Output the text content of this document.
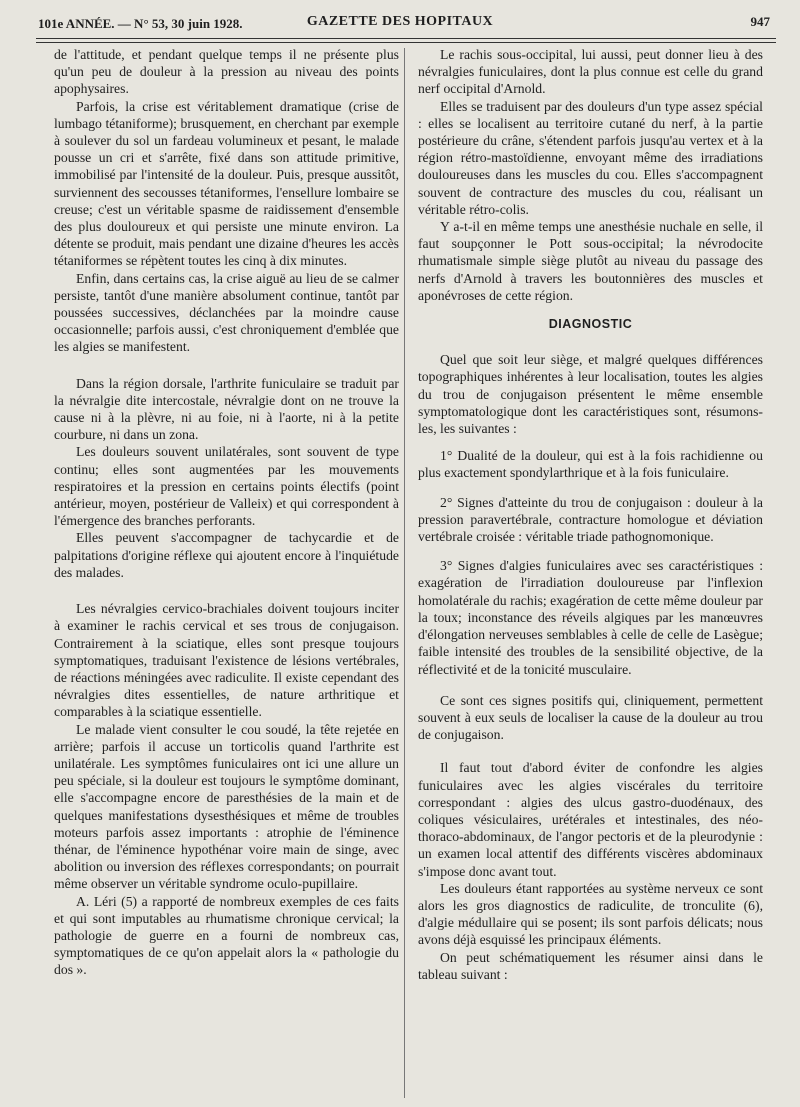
101e ANNÉE. — N° 53, 30 juin 1928.	GAZETTE DES HOPITAUX	947

de l'attitude, et pendant quelque temps il ne présente plus qu'un peu de douleur à la pression au niveau des points apophysaires.

Parfois, la crise est véritablement dramatique (crise de lumbago tétaniforme); brusquement, en cherchant par exemple à soulever du sol un fardeau volumineux et pesant, le malade pousse un cri et s'arrête, fixé dans son attitude primitive, immobilisé par l'intensité de la douleur. Puis, presque aussitôt, surviennent des secousses tétaniformes, l'ensellure lombaire se creuse; c'est un véritable spasme de raidissement d'ensemble des plus douloureux et qui persiste une minute environ. La détente se produit, mais pendant une dizaine d'heures les accès tétaniformes se répètent toutes les cinq à dix minutes.

Enfin, dans certains cas, la crise aiguë au lieu de se calmer persiste, tantôt d'une manière absolument continue, tantôt par poussées successives, déclanchées par la moindre cause occasionnelle; parfois aussi, c'est chroniquement d'emblée que les algies se manifestent.

Dans la région dorsale, l'arthrite funiculaire se traduit par la névralgie dite intercostale, névralgie dont on ne trouve la cause ni à la plèvre, ni au foie, ni à l'aorte, ni à la petite courbure, ni dans un zona.

Les douleurs souvent unilatérales, sont souvent de type continu; elles sont augmentées par les mouvements respiratoires et la pression en certains points électifs (point antérieur, moyen, postérieur de Valleix) et qui correspondent à l'émergence des branches perforants.

Elles peuvent s'accompagner de tachycardie et de palpitations d'origine réflexe qui ajoutent encore à l'inquiétude des malades.

Les névralgies cervico-brachiales doivent toujours inciter à examiner le rachis cervical et ses trous de conjugaison. Contrairement à la sciatique, elles sont presque toujours symptomatiques, traduisant l'existence de lésions vertébrales, de réactions méningées avec radiculite. Il existe cependant des névralgies dites essentielles, de nature arthritique et comparables à la sciatique essentielle.

Le malade vient consulter le cou soudé, la tête rejetée en arrière; parfois il accuse un torticolis quand l'arthrite est unilatérale. Les symptômes funiculaires ont ici une allure un peu spéciale, si la douleur est toujours le symptôme dominant, elle s'accompagne encore de paresthésies de la main et de quelques manifestations dysesthésiques et même de troubles moteurs parfois assez importants : atrophie de l'éminence thénar, de l'éminence hypothénar voire main de singe, avec abolition ou inversion des réflexes correspondants; on pourrait même observer un véritable syndrome oculo-pupillaire.

A. Léri (5) a rapporté de nombreux exemples de ces faits et qui sont imputables au rhumatisme chronique cervical; la pathologie de guerre en a fourni de nombreux cas, symptomatiques de ce qu'on appelait alors la « pathologie du dos ».

Le rachis sous-occipital, lui aussi, peut donner lieu à des névralgies funiculaires, dont la plus connue est celle du grand nerf occipital d'Arnold.

Elles se traduisent par des douleurs d'un type assez spécial : elles se localisent au territoire cutané du nerf, à la partie postérieure du crâne, s'étendent parfois jusqu'au vertex et à la région rétro-mastoïdienne, envoyant même des irradiations douloureuses dans les muscles du cou. Elles s'accompagnent souvent de contracture des muscles du cou, réalisant un véritable rétro-colis.

Y a-t-il en même temps une anesthésie nuchale en selle, il faut soupçonner le Pott sous-occipital; la névrodocite rhumatismale simple siège plutôt au niveau du passage des nerfs d'Arnold à travers les boutonnières des muscles et aponévroses de cette région.

DIAGNOSTIC

Quel que soit leur siège, et malgré quelques différences topographiques inhérentes à leur localisation, toutes les algies du trou de conjugaison présentent le même ensemble symptomatologique dont les caractéristiques sont, résumons-les, les suivantes :

1° Dualité de la douleur, qui est à la fois rachidienne ou plus exactement spondylarthrique et à la fois funiculaire.

2° Signes d'atteinte du trou de conjugaison : douleur à la pression paravertébrale, contracture homologue et déviation vertébrale croisée : véritable triade pathognomonique.

3° Signes d'algies funiculaires avec ses caractéristiques : exagération de l'irradiation douloureuse par l'inflexion homolatérale du rachis; exagération de cette même douleur par la toux; inconstance des réveils algiques par les manœuvres d'élongation nerveuses semblables à celle de celle de Lasègue; faible intensité des troubles de la sensibilité objective, de la réflectivité et de la tonicité musculaire.

Ce sont ces signes positifs qui, cliniquement, permettent souvent à eux seuls de localiser la cause de la douleur au trou de conjugaison.

Il faut tout d'abord éviter de confondre les algies funiculaires avec les algies viscérales du territoire correspondant : algies des ulcus gastro-duodénaux, des coliques vésiculaires, urétérales et intestinales, des néo-thoraco-abdominaux, de l'angor pectoris et de la pleurodynie : un examen local attentif des différents viscères abdominaux s'impose donc avant tout.

Les douleurs étant rapportées au système nerveux ce sont alors les gros diagnostics de radiculite, de tronculite (6), d'algie médullaire qui se posent; ils sont parfois délicats; nous avons déjà esquissé les principaux éléments.

On peut schématiquement les résumer ainsi dans le tableau suivant :
